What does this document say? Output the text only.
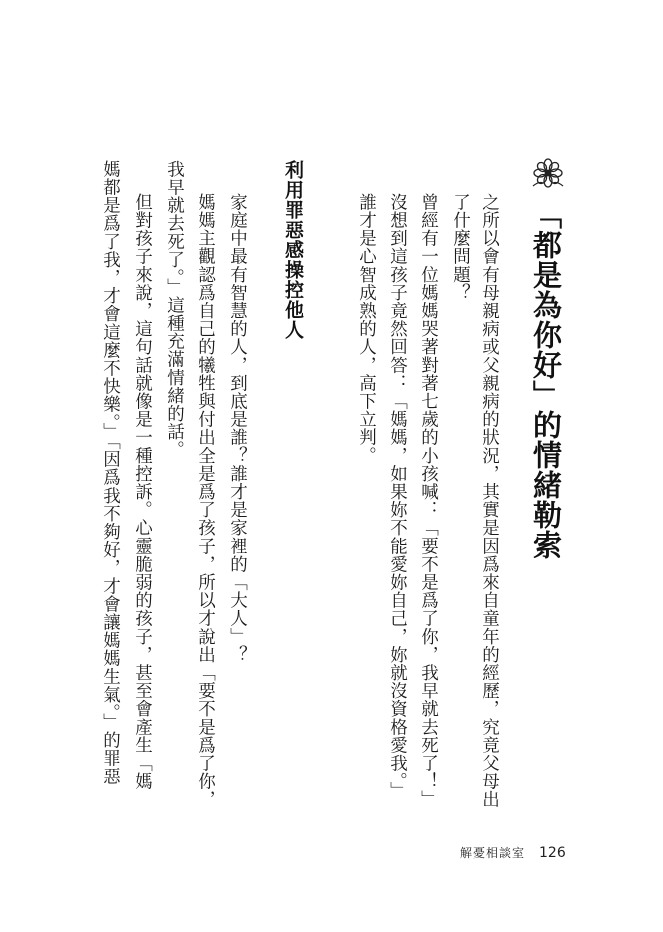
「都是為你好」的情緒勒索
之所以會有母親病或父親病的狀況，其實是因爲來自童年的經歷，究竟父母出
了什麼問題？
曾經有一位媽媽哭著對著七歲的小孩喊：「要不是爲了你，我早就去死了！」
沒想到這孩子竟然回答：「媽媽，如果妳不能愛妳自己，妳就沒資格愛我。」
誰才是心智成熟的人，高下立判。
利用罪惡感操控他人
家庭中最有智慧的人，到底是誰？誰才是家裡的「大人」？
媽媽主觀認爲自己的犧牲與付出全是爲了孩子，所以才說出「要不是爲了你，
我早就去死了。」這種充滿情緒的話。
但對孩子來說，這句話就像是一種控訴。心靈脆弱的孩子，甚至會產生「媽
媽都是爲了我，才會這麼不快樂。」「因爲我不夠好，才會讓媽媽生氣。」的罪惡
解憂相談室 126
